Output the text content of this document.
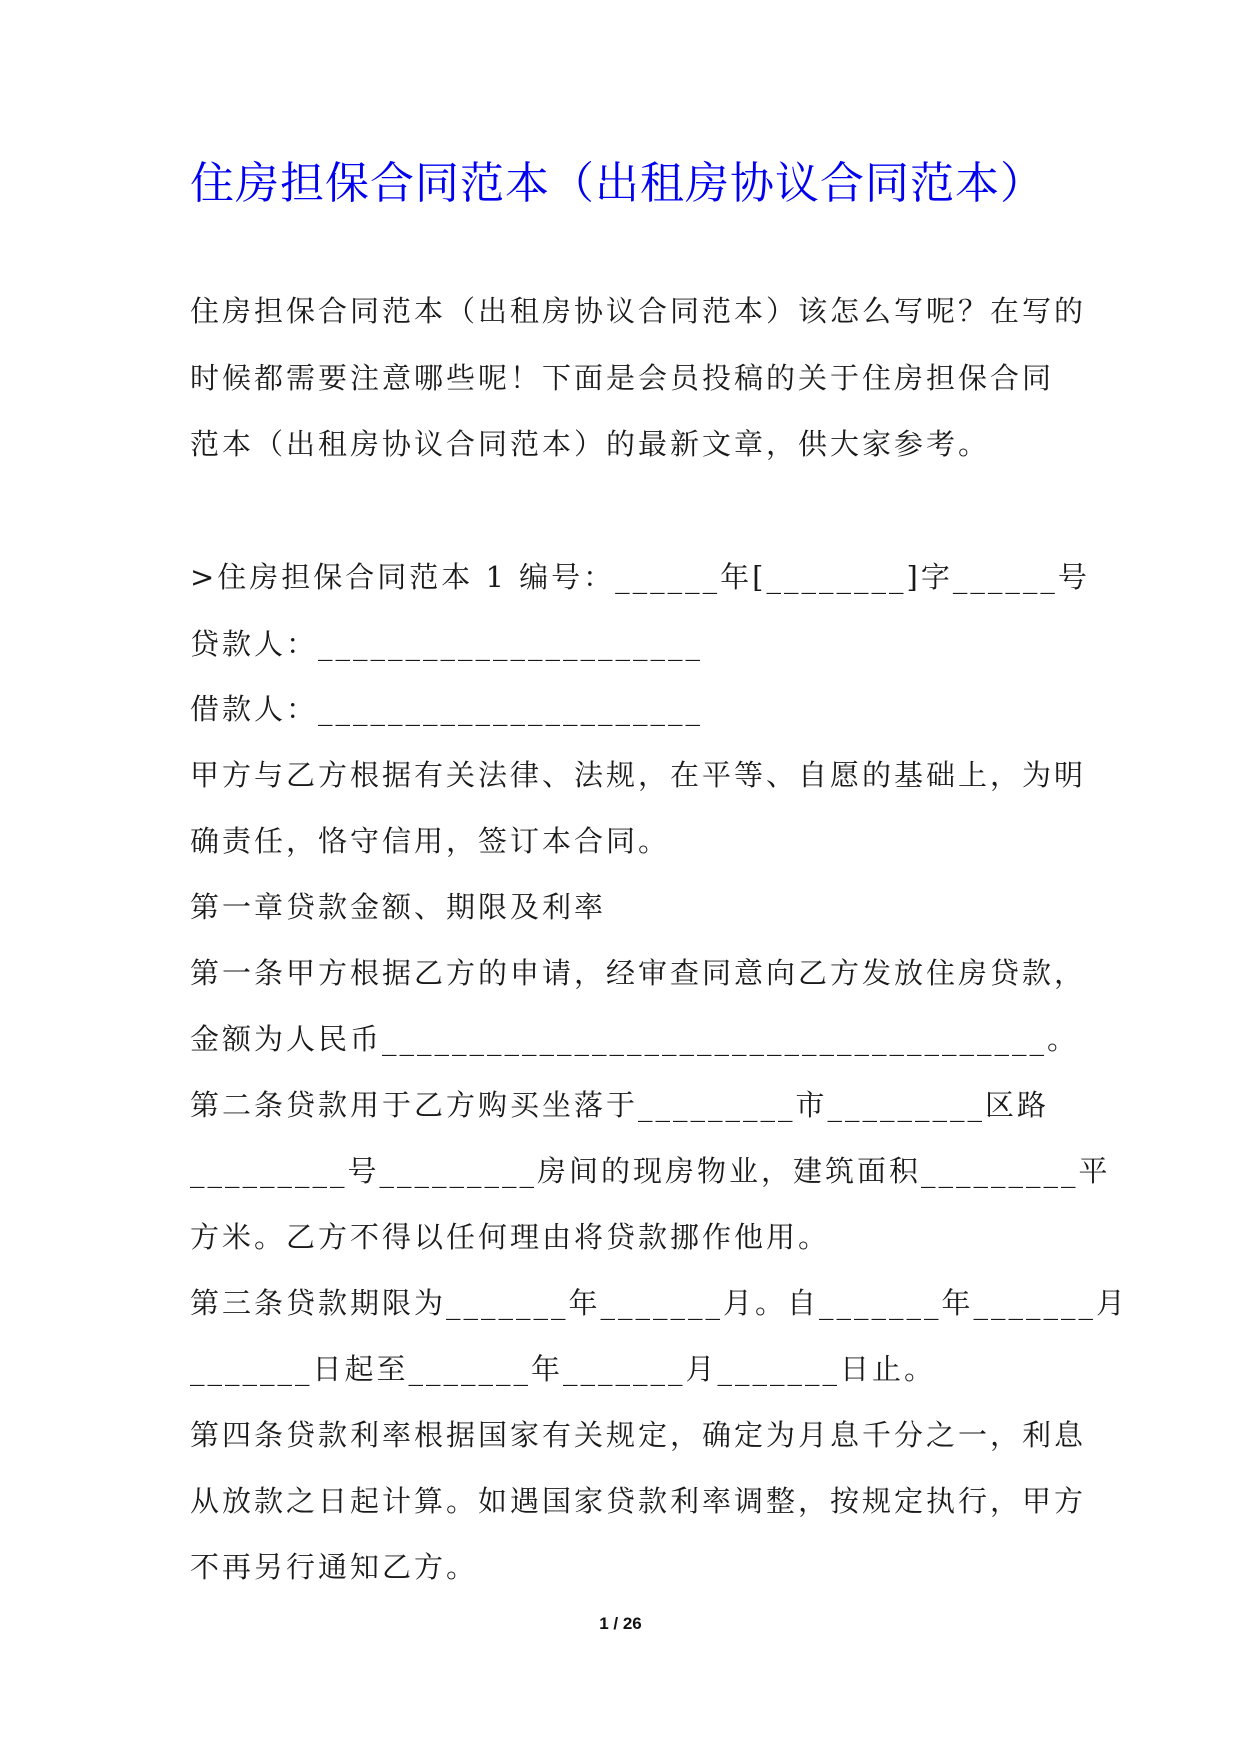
住房担保合同范本（出租房协议合同范本）

住房担保合同范本（出租房协议合同范本）该怎么写呢？在写的

时候都需要注意哪些呢！下面是会员投稿的关于住房担保合同

范本（出租房协议合同范本）的最新文章，供大家参考。

>住房担保合同范本 1 编号：______年[________]字______号

贷款人：______________________

借款人：______________________

甲方与乙方根据有关法律、法规，在平等、自愿的基础上，为明

确责任，恪守信用，签订本合同。

第一章贷款金额、期限及利率

第一条甲方根据乙方的申请，经审查同意向乙方发放住房贷款，

金额为人民币______________________________________。

第二条贷款用于乙方购买坐落于_________市_________区路

_________号_________房间的现房物业，建筑面积_________平

方米。乙方不得以任何理由将贷款挪作他用。

第三条贷款期限为_______年_______月。自_______年_______月

_______日起至_______年_______月_______日止。

第四条贷款利率根据国家有关规定，确定为月息千分之一，利息

从放款之日起计算。如遇国家贷款利率调整，按规定执行，甲方

不再另行通知乙方。

1 / 26
